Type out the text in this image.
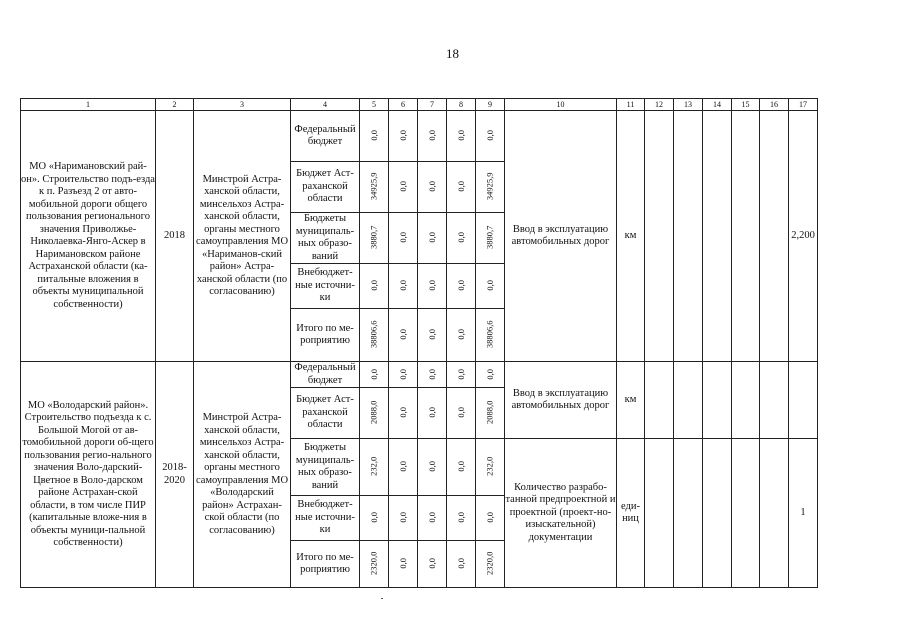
18
1	2	3	4	5	6	7	8	9	10	11	12	13	14	15	16	17
МО «Наримановский рай-он». Строительство подъ-езда к п. Разъезд 2 от авто-мобильной дороги общего пользования регионального значения Приволжье-Николаевка-Янго-Аскер в Наримановском районе Астраханской области (ка-питальные вложения в объекты муниципальной собственности)	2018	Минстрой Астра-ханской области, минсельхоз Астра-ханской области, органы местного самоуправления МО «Нариманов-ский район» Астра-ханской области (по согласованию)	Федеральный бюджет	0,0	0,0	0,0	0,0	0,0	Ввод в эксплуатацию автомобильных дорог	км						2,200
			Бюджет Аст-раханской области	34925,9	0,0	0,0	0,0	34925,9								
			Бюджеты муниципаль-ных образо-ваний	3880,7	0,0	0,0	0,0	3880,7								
			Внебюджет-ные источни-ки	0,0	0,0	0,0	0,0	0,0								
			Итого по ме-роприятию	38806,6	0,0	0,0	0,0	38806,6								
МО «Володарский район». Строительство подъезда к с. Большой Могой от ав-томобильной дороги об-щего пользования регио-нального значения Воло-дарский-Цветное в Воло-дарском районе Астрахан-ской области, в том числе ПИР (капитальные вложе-ния в объекты муници-пальной собственности)	2018-2020	Минстрой Астра-ханской области, минсельхоз Астра-ханской области, органы местного самоуправления МО «Володарский район» Астрахан-ской области (по согласованию)	Федеральный бюджет	0,0	0,0	0,0	0,0	0,0	Ввод в эксплуатацию автомобильных дорог	км						
			Бюджет Аст-раханской области	2088,0	0,0	0,0	0,0	2088,0								
			Бюджеты муниципаль-ных образо-ваний	232,0	0,0	0,0	0,0	232,0	Количество разрабо-танной предпроектной и проектной (проект-но-изыскательной) документации	еди-ниц						1
			Внебюджет-ные источни-ки	0,0	0,0	0,0	0,0	0,0								
			Итого по ме-роприятию	2320,0	0,0	0,0	0,0	2320,0								
